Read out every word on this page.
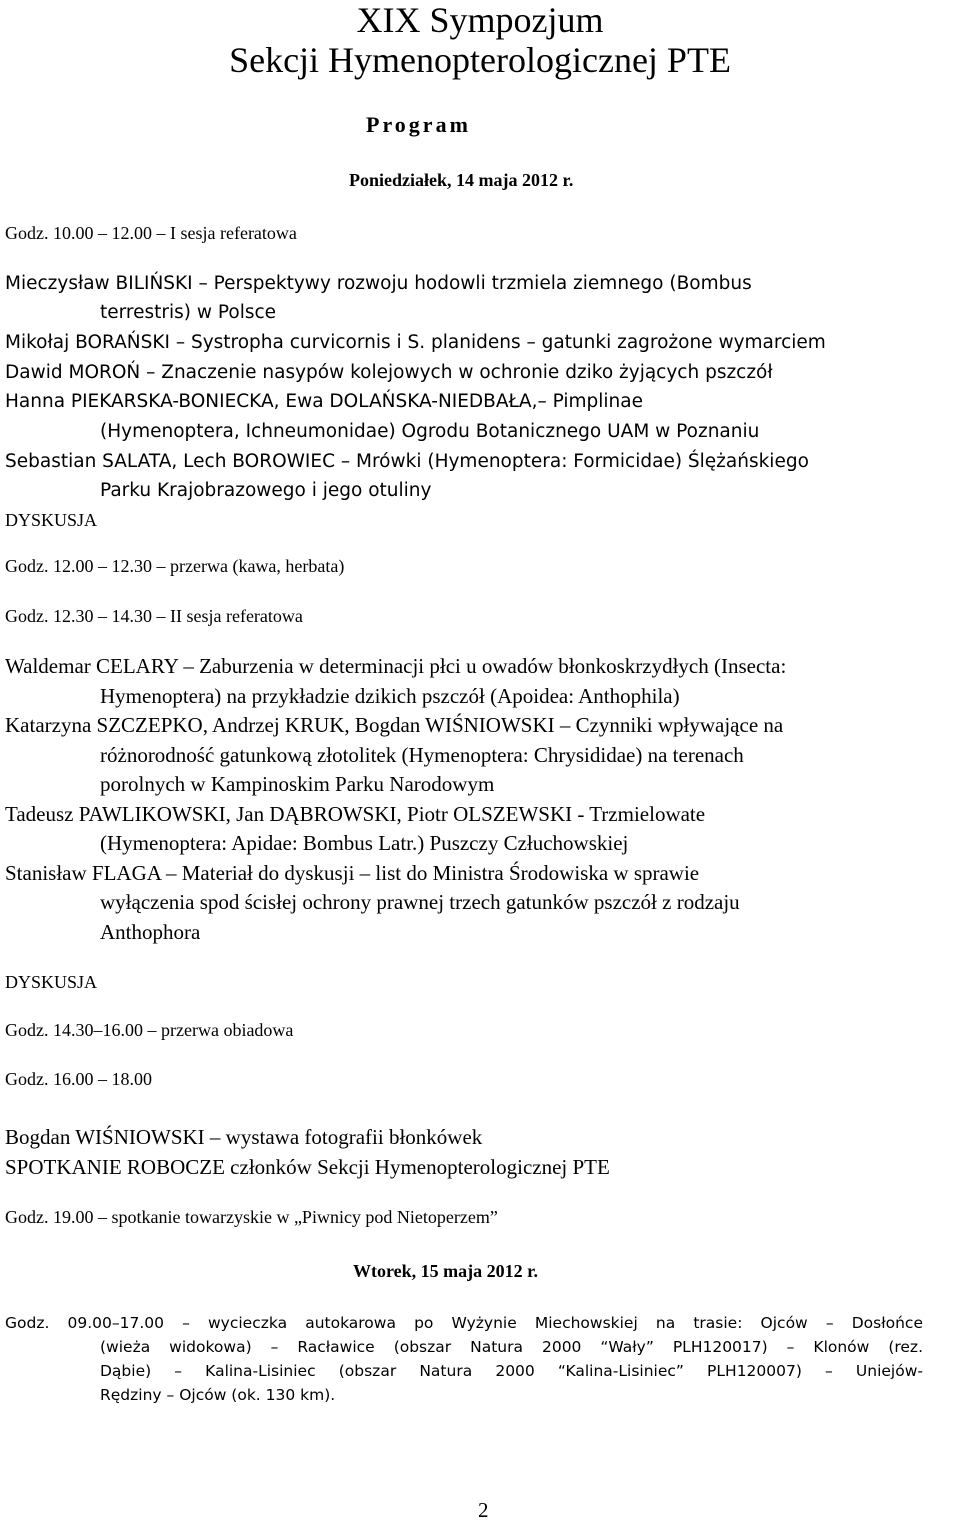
XIX Sympozjum
Sekcji Hymenopterologicznej PTE
Program
Poniedziałek, 14 maja 2012 r.
Godz. 10.00 – 12.00 – I sesja referatowa
Mieczysław BILIŃSKI – Perspektywy rozwoju hodowli trzmiela ziemnego (Bombus
terrestris) w Polsce
Mikołaj BORAŃSKI – Systropha curvicornis i S. planidens – gatunki zagrożone wymarciem
Dawid MOROŃ – Znaczenie nasypów kolejowych w ochronie dziko żyjących pszczół
Hanna PIEKARSKA-BONIECKA, Ewa DOLAŃSKA-NIEDBAŁA,– Pimplinae
(Hymenoptera, Ichneumonidae) Ogrodu Botanicznego UAM w Poznaniu
Sebastian SALATA, Lech BOROWIEC – Mrówki (Hymenoptera: Formicidae) Ślężańskiego
Parku Krajobrazowego i jego otuliny
DYSKUSJA
Godz. 12.00 – 12.30 – przerwa (kawa, herbata)
Godz. 12.30 – 14.30 – II sesja referatowa
Waldemar CELARY – Zaburzenia w determinacji płci u owadów błonkoskrzydłych (Insecta:
Hymenoptera) na przykładzie dzikich pszczół (Apoidea: Anthophila)
Katarzyna SZCZEPKO, Andrzej KRUK, Bogdan WIŚNIOWSKI – Czynniki wpływające na
różnorodność gatunkową złotolitek (Hymenoptera: Chrysididae) na terenach
porolnych w Kampinoskim Parku Narodowym
Tadeusz PAWLIKOWSKI, Jan DĄBROWSKI, Piotr OLSZEWSKI - Trzmielowate
(Hymenoptera: Apidae: Bombus Latr.) Puszczy Człuchowskiej
Stanisław FLAGA – Materiał do dyskusji – list do Ministra Środowiska w sprawie
wyłączenia spod ścisłej ochrony prawnej trzech gatunków pszczół z rodzaju
Anthophora
DYSKUSJA
Godz. 14.30–16.00 – przerwa obiadowa
Godz. 16.00 – 18.00
Bogdan WIŚNIOWSKI – wystawa fotografii błonkówek
SPOTKANIE ROBOCZE członków Sekcji Hymenopterologicznej PTE
Godz. 19.00 – spotkanie towarzyskie w „Piwnicy pod Nietoperzem”
Wtorek, 15 maja 2012 r.
Godz. 09.00–17.00 – wycieczka autokarowa po Wyżynie Miechowskiej na trasie: Ojców – Dosłońce
(wieża widokowa) – Racławice (obszar Natura 2000 “Wały” PLH120017) – Klonów (rez.
Dąbie) – Kalina-Lisiniec (obszar Natura 2000 “Kalina-Lisiniec” PLH120007) – Uniejów-
Rędziny – Ojców (ok. 130 km).
2
